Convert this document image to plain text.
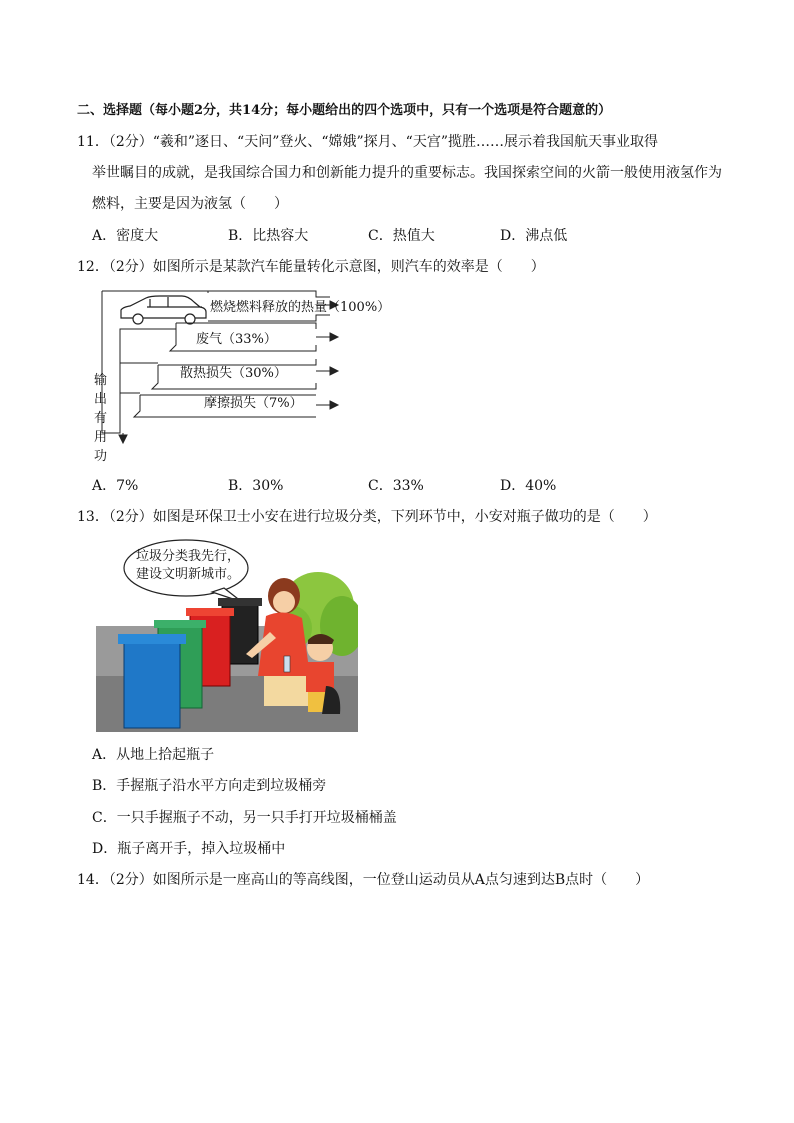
二、选择题（每小题2分，共14分；每小题给出的四个选项中，只有一个选项是符合题意的）
11．（2分）“羲和”逐日、“天问”登火、“嫦娥”探月、“天宫”揽胜……展示着我国航天事业取得
举世瞩目的成就，是我国综合国力和创新能力提升的重要标志。我国探索空间的火箭一般使用液氢作为
燃料，主要是因为液氢（　　）
A．密度大	B．比热容大	C．热值大	D．沸点低
12．（2分）如图所示是某款汽车能量转化示意图，则汽车的效率是（　　）
燃烧燃料释放的热量（100%）
废气（33%）
散热损失（30%）
摩擦损失（7%）
输
出
有
用
功
A．7%	B．30%	C．33%	D．40%
13．（2分）如图是环保卫士小安在进行垃圾分类，下列环节中，小安对瓶子做功的是（　　）
垃圾分类我先行，
建设文明新城市。
A．从地上拾起瓶子
B．手握瓶子沿水平方向走到垃圾桶旁
C．一只手握瓶子不动，另一只手打开垃圾桶桶盖
D．瓶子离开手，掉入垃圾桶中
14．（2分）如图所示是一座高山的等高线图，一位登山运动员从A点匀速到达B点时（　　）
